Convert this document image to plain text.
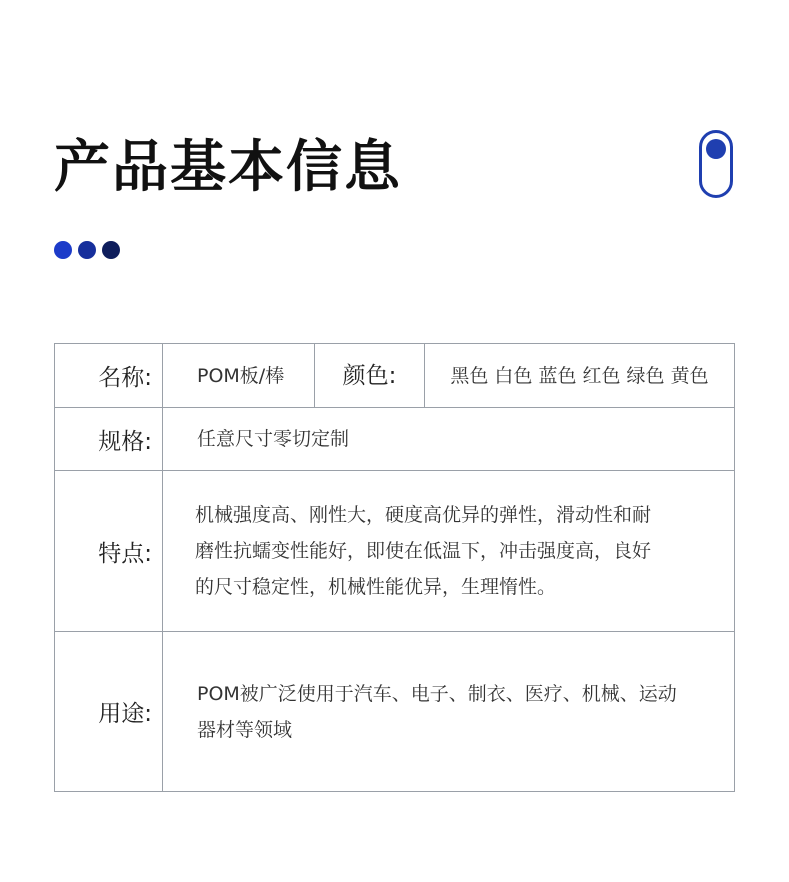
产品基本信息
名称:	POM板/棒	颜色:	黑色 白色 蓝色 红色 绿色 黄色
规格:	任意尺寸零切定制
特点:
机械强度高、刚性大，硬度高优异的弹性，滑动性和耐
磨性抗蠕变性能好，即使在低温下，冲击强度高，良好
的尺寸稳定性，机械性能优异，生理惰性。
用途:
POM被广泛使用于汽车、电子、制衣、医疗、机械、运动
器材等领域
